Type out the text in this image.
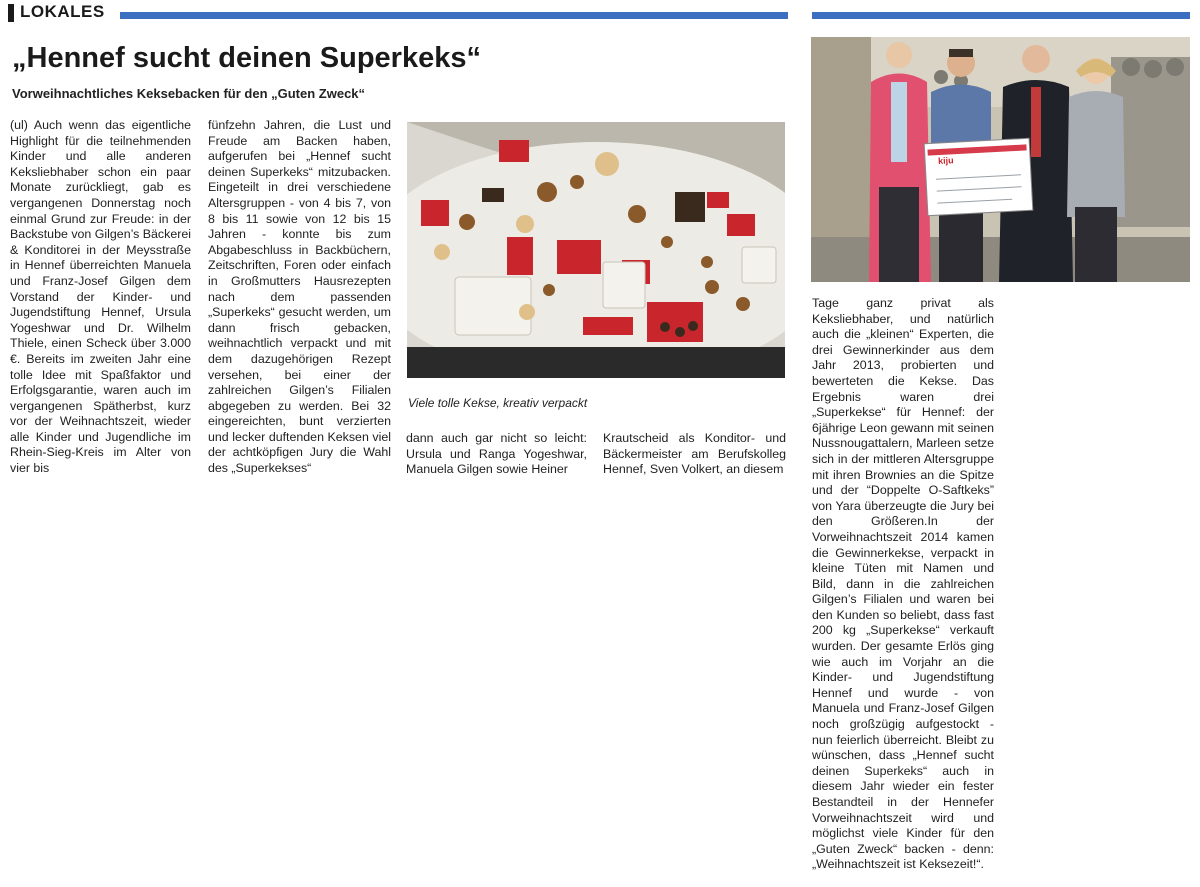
LOKALES
„Hennef sucht deinen Superkeks“
Vorweihnachtliches Keksebacken für den „Guten Zweck“
(ul) Auch wenn das eigentliche Highlight für die teilnehmenden Kinder und alle anderen Keksliebhaber schon ein paar Monate zurückliegt, gab es vergangenen Donnerstag noch einmal Grund zur Freude: in der Backstube von Gilgen’s Bäckerei & Konditorei in der Meysstraße in Hennef überreichten Manuela und Franz-Josef Gilgen dem Vorstand der Kinder- und Jugendstiftung Hennef, Ursula Yogeshwar und Dr. Wilhelm Thiele, einen Scheck über 3.000 €. Bereits im zweiten Jahr eine tolle Idee mit Spaßfaktor und Erfolgsgarantie, waren auch im vergangenen Spätherbst, kurz vor der Weihnachtszeit, wieder alle Kinder und Jugendliche im Rhein-Sieg-Kreis im Alter von vier bis
fünfzehn Jahren, die Lust und Freude am Backen haben, aufgerufen bei „Hennef sucht deinen Superkeks“ mitzubacken. Eingeteilt in drei verschiedene Altersgruppen - von 4 bis 7, von 8 bis 11 sowie von 12 bis 15 Jahren - konnte bis zum Abgabeschluss in Backbüchern, Zeitschriften, Foren oder einfach in Großmutters Hausrezepten nach dem passenden „Superkeks“ gesucht werden, um dann frisch gebacken, weihnachtlich verpackt und mit dem dazugehörigen Rezept versehen, bei einer der zahlreichen Gilgen’s Filialen abgegeben zu werden. Bei 32 eingereichten, bunt verzierten und lecker duftenden Keksen viel der achtköpfigen Jury die Wahl des „Superkekses“
dann auch gar nicht so leicht: Ursula und Ranga Yogeshwar, Manuela Gilgen sowie Heiner
Krautscheid als Konditor- und Bäckermeister am Berufskolleg Hennef, Sven Volkert, an diesem
Tage ganz privat als Keksliebhaber, und natürlich auch die „kleinen“ Experten, die drei Gewinnerkinder aus dem Jahr 2013, probierten und bewerteten die Kekse. Das Ergebnis waren drei „Superkekse“ für Hennef: der 6jährige Leon gewann mit seinen Nussnougattalern, Marleen setze sich in der mittleren Altersgruppe mit ihren Brownies an die Spitze und der “Doppelte O-Saftkeks” von Yara überzeugte die Jury bei den Größeren.In der Vorweihnachtszeit 2014 kamen die Gewinnerkekse, verpackt in kleine Tüten mit Namen und Bild, dann in die zahlreichen Gilgen’s Filialen und waren bei den Kunden so beliebt, dass fast 200 kg „Superkekse“ verkauft wurden. Der gesamte Erlös ging wie auch im Vorjahr an die Kinder- und Jugendstiftung Hennef und wurde - von Manuela und Franz-Josef Gilgen noch großzügig aufgestockt - nun feierlich überreicht. Bleibt zu wünschen, dass „Hennef sucht deinen Superkeks“ auch in diesem Jahr wieder ein fester Bestandteil in der Hennefer Vorweihnachtszeit wird und möglichst viele Kinder für den „Guten Zweck“ backen - denn: „Weihnachtszeit ist Keksezeit!“.
Viele tolle Kekse, kreativ verpackt
kiju
